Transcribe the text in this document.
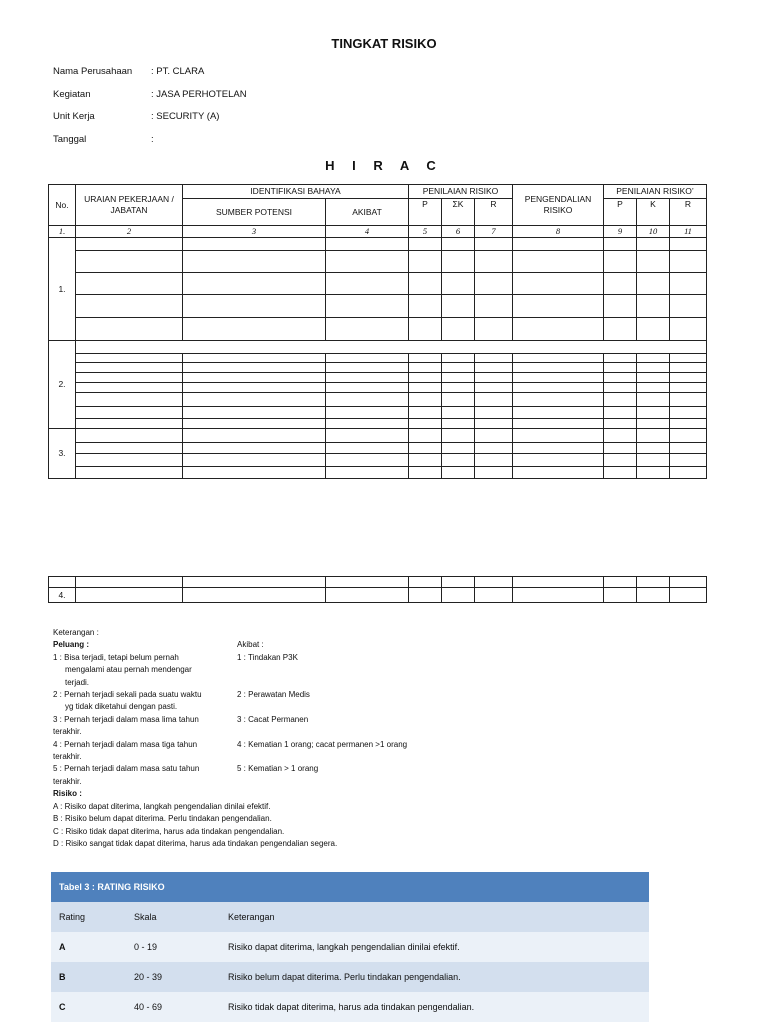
TINGKAT RISIKO
Nama Perusahaan	: PT. CLARA
Kegiatan	: JASA PERHOTELAN
Unit Kerja	: SECURITY (A)
Tanggal	:
H I R A C
No.	URAIAN PEKERJAAN / JABATAN	IDENTIFIKASI BAHAYA		PENILAIAN RISIKO			PENGENDALIAN RISIKO	PENILAIAN RISIKO’		
		SUMBER POTENSI	AKIBAT	P	ΣK	R		P	K	R
1.	2	3	4	5	6	7	8	9	10	11
1.										

2.										

3.										

4.										
Keterangan :
Peluang :	Akibat :
1 : Bisa terjadi, tetapi belum pernah	1 : Tindakan P3K
mengalami atau pernah mendengar
terjadi.
2 : Pernah terjadi sekali pada suatu waktu	2 : Perawatan Medis
yg tidak diketahui dengan pasti.
3 : Pernah terjadi dalam masa lima tahun	3 : Cacat Permanen
terakhir.
4 : Pernah terjadi dalam masa tiga tahun	4 : Kematian 1 orang; cacat permanen >1 orang
terakhir.
5 : Pernah terjadi dalam masa satu tahun	5 : Kematian > 1 orang
terakhir.
Risiko :
A : Risiko dapat diterima, langkah pengendalian dinilai efektif.
B : Risiko belum dapat diterima. Perlu tindakan pengendalian.
C : Risiko tidak dapat diterima, harus ada tindakan pengendalian.
D : Risiko sangat tidak dapat diterima, harus ada tindakan pengendalian segera.
Tabel 3 : RATING RISIKO		
Rating	Skala	Keterangan
A	0 - 19	Risiko dapat diterima, langkah pengendalian dinilai efektif.
B	20 - 39	Risiko belum dapat diterima. Perlu tindakan pengendalian.
C	40 - 69	Risiko tidak dapat diterima, harus ada tindakan pengendalian.
